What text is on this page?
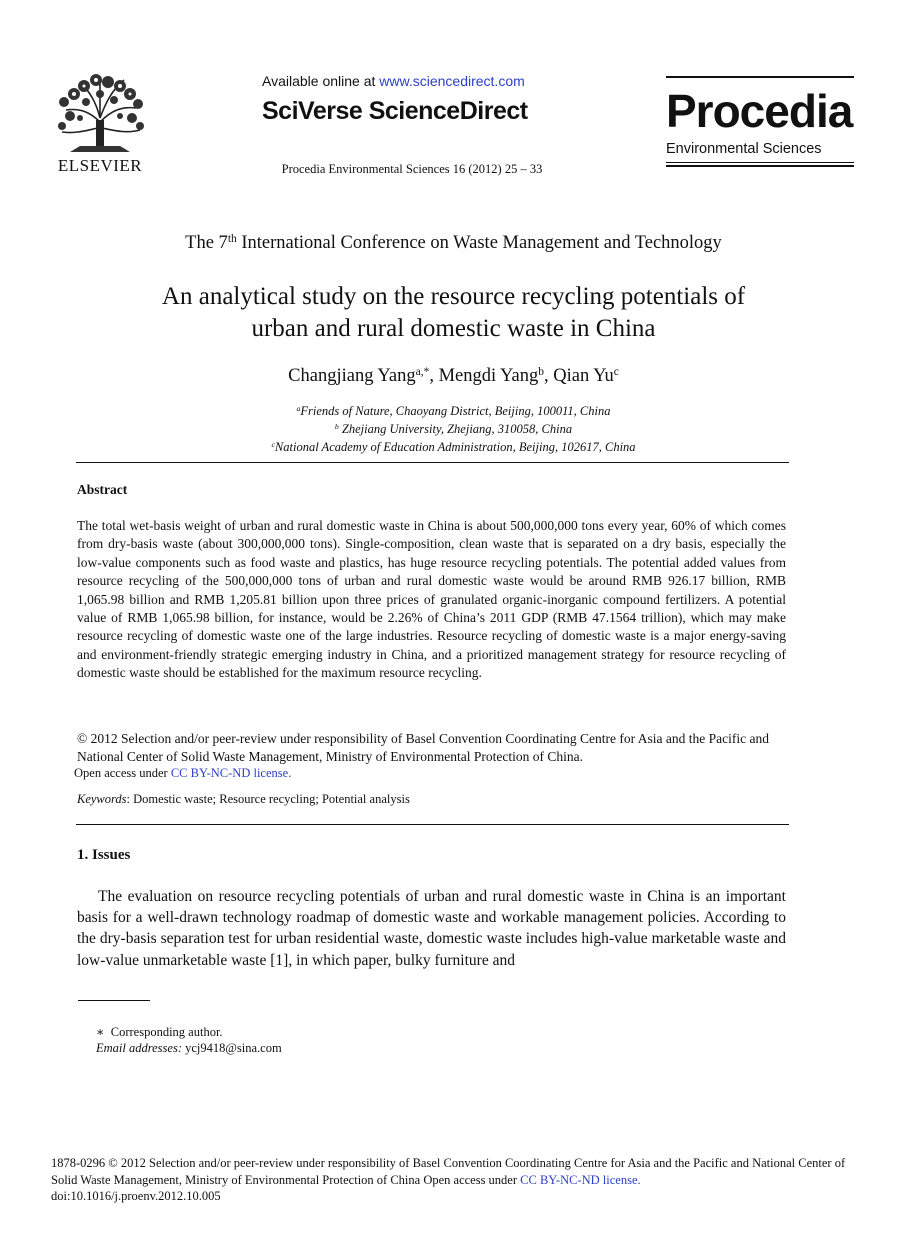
ELSEVIER
Available online at www.sciencedirect.com
SciVerse ScienceDirect
Procedia Environmental Sciences 16 (2012) 25 – 33
Procedia
Environmental Sciences
The 7th International Conference on Waste Management and Technology
An analytical study on the resource recycling potentials of
urban and rural domestic waste in China
Changjiang Yang$^{a,*}$, Mengdi Yang$^b$, Qian Yu$^c$
$^a$Friends of Nature, Chaoyang District, Beijing, 100011, China
$^b$ Zhejiang University, Zhejiang, 310058, China
$^c$National Academy of Education Administration, Beijing, 102617, China
Abstract
The total wet-basis weight of urban and rural domestic waste in China is about 500,000,000 tons every year, 60% of which comes from dry-basis waste (about 300,000,000 tons). Single-composition, clean waste that is separated on a dry basis, especially the low-value components such as food waste and plastics, has huge resource recycling potentials. The potential added values from resource recycling of the 500,000,000 tons of urban and rural domestic waste would be around RMB 926.17 billion, RMB 1,065.98 billion and RMB 1,205.81 billion upon three prices of granulated organic-inorganic compound fertilizers. A potential value of RMB 1,065.98 billion, for instance, would be 2.26% of China’s 2011 GDP (RMB 47.1564 trillion), which may make resource recycling of domestic waste one of the large industries. Resource recycling of domestic waste is a major energy-saving and environment-friendly strategic emerging industry in China, and a prioritized management strategy for resource recycling of domestic waste should be established for the maximum resource recycling.
© 2012 Selection and/or peer-review under responsibility of Basel Convention Coordinating Centre for Asia and the Pacific and National Center of Solid Waste Management, Ministry of Environmental Protection of China.
Open access under CC BY-NC-ND license.
Keywords: Domestic waste; Resource recycling; Potential analysis
1. Issues

The evaluation on resource recycling potentials of urban and rural domestic waste in China is an important basis for a well-drawn technology roadmap of domestic waste and workable management policies. According to the dry-basis separation test for urban residential waste, domestic waste includes high-value marketable waste and low-value unmarketable waste [1], in which paper, bulky furniture and

∗ Corresponding author.
Email addresses: ycj9418@sina.com
1878-0296 © 2012 Selection and/or peer-review under responsibility of Basel Convention Coordinating Centre for Asia and the Pacific and National Center of Solid Waste Management, Ministry of Environmental Protection of China Open access under CC BY-NC-ND license.
doi:10.1016/j.proenv.2012.10.005
